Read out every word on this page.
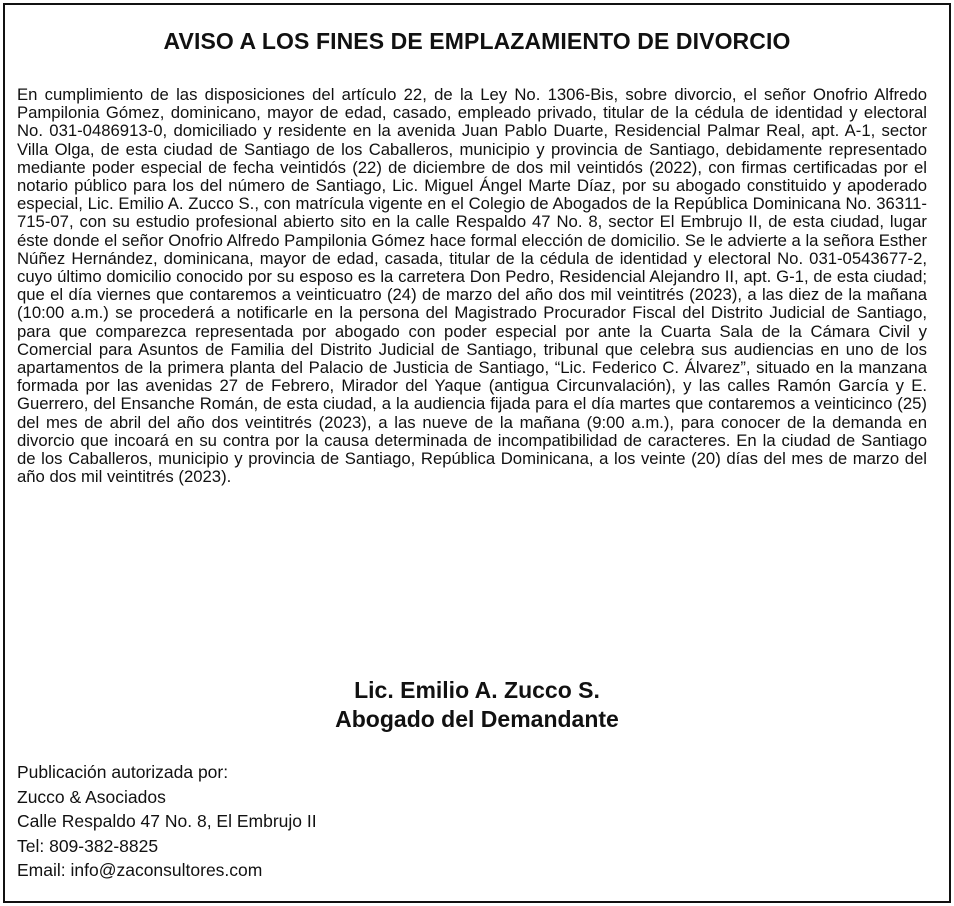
AVISO A LOS FINES DE EMPLAZAMIENTO DE DIVORCIO

En cumplimiento de las disposiciones del artículo 22, de la Ley No. 1306-Bis, sobre divorcio, el señor Onofrio Alfredo Pampilonia Gómez, dominicano, mayor de edad, casado, empleado privado, titular de la cédula de identidad y electoral No. 031-0486913-0, domiciliado y residente en la avenida Juan Pablo Duarte, Residencial Palmar Real, apt. A-1, sector Villa Olga, de esta ciudad de Santiago de los Caballeros, municipio y provincia de Santiago, debidamente representado mediante poder especial de fecha veintidós (22) de diciembre de dos mil veintidós (2022), con firmas certificadas por el notario público para los del número de Santiago, Lic. Miguel Ángel Marte Díaz, por su abogado constituido y apoderado especial, Lic. Emilio A. Zucco S., con matrícula vigente en el Colegio de Abogados de la República Dominicana No. 36311-715-07, con su estudio profesional abierto sito en la calle Respaldo 47 No. 8, sector El Embrujo II, de esta ciudad, lugar éste donde el señor Onofrio Alfredo Pampilonia Gómez hace formal elección de domicilio. Se le advierte a la señora Esther Núñez Hernández, dominicana, mayor de edad, casada, titular de la cédula de identidad y electoral No. 031-0543677-2, cuyo último domicilio conocido por su esposo es la carretera Don Pedro, Residencial Alejandro II, apt. G-1, de esta ciudad; que el día viernes que contaremos a veinticuatro (24) de marzo del año dos mil veintitrés (2023), a las diez de la mañana (10:00 a.m.) se procederá a notificarle en la persona del Magistrado Procurador Fiscal del Distrito Judicial de Santiago, para que comparezca representada por abogado con poder especial por ante la Cuarta Sala de la Cámara Civil y Comercial para Asuntos de Familia del Distrito Judicial de Santiago, tribunal que celebra sus audiencias en uno de los apartamentos de la primera planta del Palacio de Justicia de Santiago, “Lic. Federico C. Álvarez”, situado en la manzana formada por las avenidas 27 de Febrero, Mirador del Yaque (antigua Circunvalación), y las calles Ramón García y E. Guerrero, del Ensanche Román, de esta ciudad, a la audiencia fijada para el día martes que contaremos a veinticinco (25) del mes de abril del año dos veintitrés (2023), a las nueve de la mañana (9:00 a.m.), para conocer de la demanda en divorcio que incoará en su contra por la causa determinada de incompatibilidad de caracteres. En la ciudad de Santiago de los Caballeros, municipio y provincia de Santiago, República Dominicana, a los veinte (20) días del mes de marzo del año dos mil veintitrés (2023).

Lic. Emilio A. Zucco S.
Abogado del Demandante
Publicación autorizada por:
Zucco & Asociados
Calle Respaldo 47 No. 8, El Embrujo II
Tel: 809-382-8825
Email: info@zaconsultores.com
